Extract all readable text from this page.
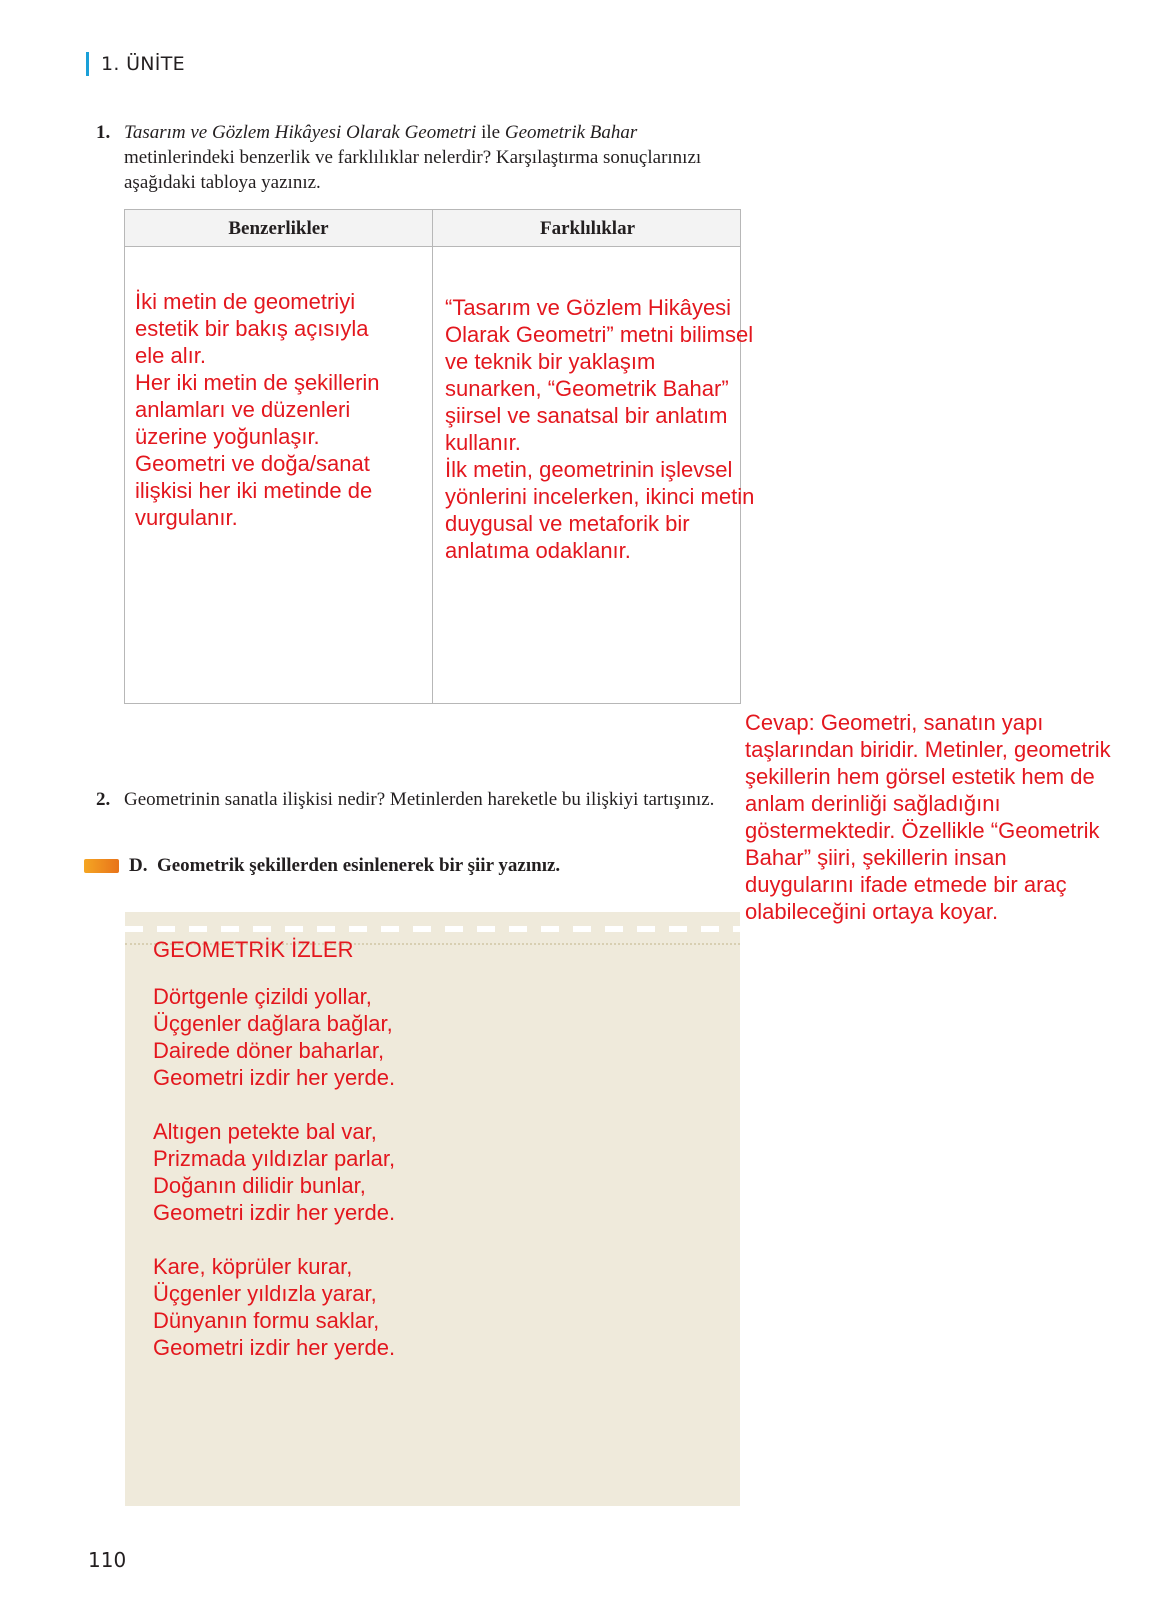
1. ÜNİTE
1. Tasarım ve Gözlem Hikâyesi Olarak Geometri ile Geometrik Bahar metinlerindeki benzerlik ve farklılıklar nelerdir? Karşılaştırma sonuçlarınızı aşağıdaki tabloya yazınız.
Benzerlikler	Farklılıklar

İki metin de geometriyi
estetik bir bakış açısıyla
ele alır.
Her iki metin de şekillerin
anlamları ve düzenleri
üzerine yoğunlaşır.
Geometri ve doğa/sanat
ilişkisi her iki metinde de
vurgulanır.

“Tasarım ve Gözlem Hikâyesi
Olarak Geometri” metni bilimsel
ve teknik bir yaklaşım
sunarken, “Geometrik Bahar”
şiirsel ve sanatsal bir anlatım
kullanır.
İlk metin, geometrinin işlevsel
yönlerini incelerken, ikinci metin
duygusal ve metaforik bir
anlatıma odaklanır.

Cevap: Geometri, sanatın yapı
taşlarından biridir. Metinler, geometrik
şekillerin hem görsel estetik hem de
anlam derinliği sağladığını
göstermektedir. Özellikle “Geometrik
Bahar” şiiri, şekillerin insan
duygularını ifade etmede bir araç
olabileceğini ortaya koyar.

2. Geometrinin sanatla ilişkisi nedir? Metinlerden hareketle bu ilişkiyi tartışınız.
D.  Geometrik şekillerden esinlenerek bir şiir yazınız.

GEOMETRİK İZLER

Dörtgenle çizildi yollar,
Üçgenler dağlara bağlar,
Dairede döner baharlar,
Geometri izdir her yerde.

Altıgen petekte bal var,
Prizmada yıldızlar parlar,
Doğanın dilidir bunlar,
Geometri izdir her yerde.

Kare, köprüler kurar,
Üçgenler yıldızla yarar,
Dünyanın formu saklar,
Geometri izdir her yerde.

110
